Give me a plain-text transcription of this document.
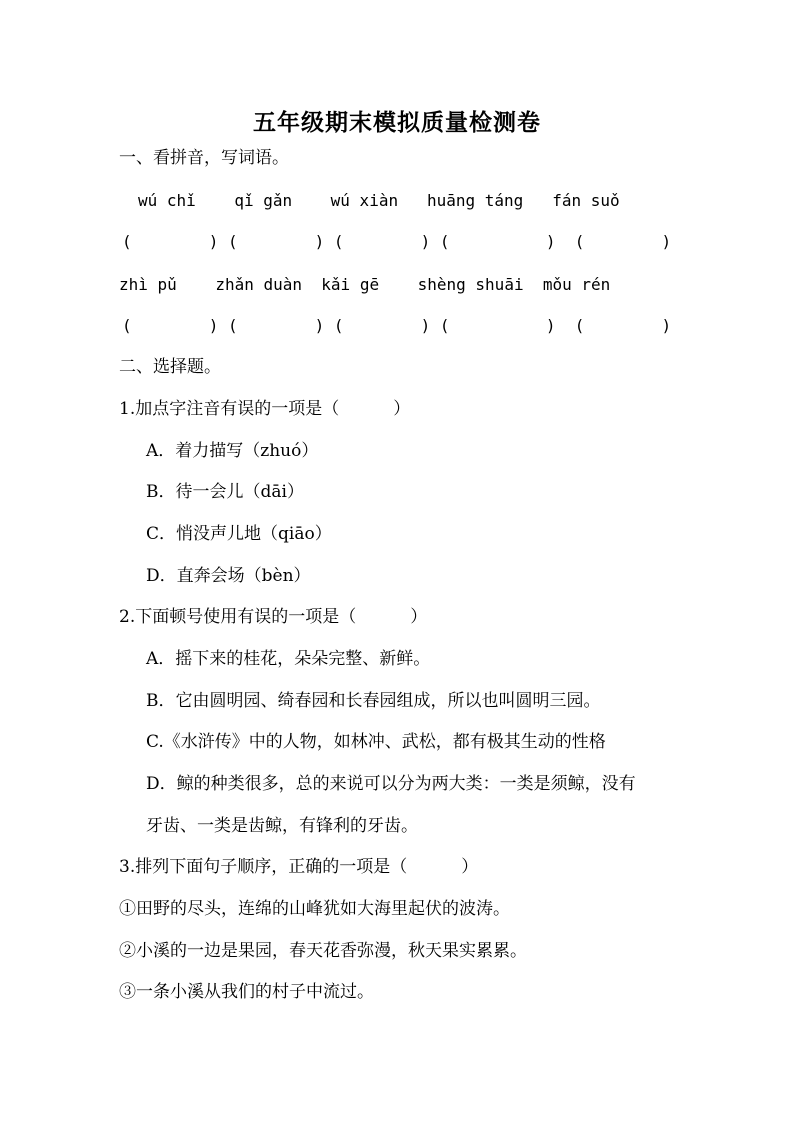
五年级期末模拟质量检测卷
一、看拼音，写词语。
wú chǐ    qǐ gǎn    wú xiàn   huāng táng   fán suǒ
(        ) (        ) (        ) (          )  (        )
zhì pǔ    zhǎn duàn  kǎi gē    shèng shuāi  mǒu rén
(        ) (        ) (        ) (          )  (        )
二、选择题。
1.加点字注音有误的一项是（          ）
A．着力描写（zhuó）
B．待一会儿（dāi）
C．悄没声儿地（qiāo）
D．直奔会场（bèn）
2.下面顿号使用有误的一项是（          ）
A．摇下来的桂花，朵朵完整、新鲜。
B．它由圆明园、绮春园和长春园组成，所以也叫圆明三园。
C.《水浒传》中的人物，如林冲、武松，都有极其生动的性格
D．鲸的种类很多，总的来说可以分为两大类：一类是须鲸，没有
牙齿、一类是齿鲸，有锋利的牙齿。
3.排列下面句子顺序，正确的一项是（          ）
①田野的尽头，连绵的山峰犹如大海里起伏的波涛。
②小溪的一边是果园，春天花香弥漫，秋天果实累累。
③一条小溪从我们的村子中流过。
